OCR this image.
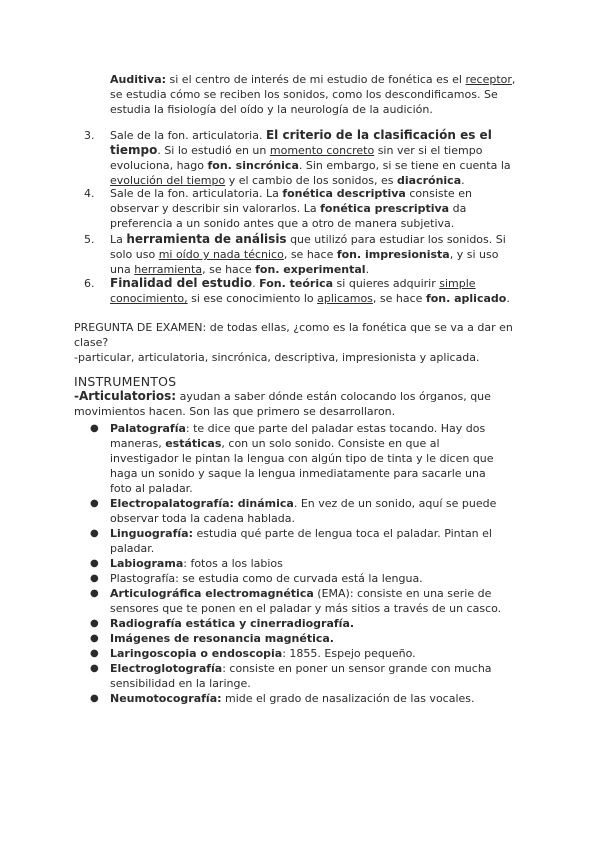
Auditiva: si el centro de interés de mi estudio de fonética es el receptor, se estudia cómo se reciben los sonidos, como los descondificamos. Se estudia la fisiología del oído y la neurología de la audición.

3. Sale de la fon. articulatoria. El criterio de la clasificación es el tiempo. Si lo estudió en un momento concreto sin ver si el tiempo evoluciona, hago fon. sincrónica. Sin embargo, si se tiene en cuenta la evolución del tiempo y el cambio de los sonidos, es diacrónica.

4. Sale de la fon. articulatoria. La fonética descriptiva consiste en observar y describir sin valorarlos. La fonética prescriptiva da preferencia a un sonido antes que a otro de manera subjetiva.

5. La herramienta de análisis que utilizó para estudiar los sonidos. Si solo uso mi oído y nada técnico, se hace fon. impresionista, y si uso una herramienta, se hace fon. experimental.

6. Finalidad del estudio. Fon. teórica si quieres adquirir simple conocimiento, si ese conocimiento lo aplicamos, se hace fon. aplicado.

PREGUNTA DE EXAMEN: de todas ellas, ¿como es la fonética que se va a dar en clase?

-particular, articulatoria, sincrónica, descriptiva, impresionista y aplicada.

INSTRUMENTOS

-Articulatorios: ayudan a saber dónde están colocando los órganos, que movimientos hacen. Son las que primero se desarrollaron.

● Palatografía: te dice que parte del paladar estas tocando. Hay dos maneras, estáticas, con un solo sonido. Consiste en que al investigador le pintan la lengua con algún tipo de tinta y le dicen que haga un sonido y saque la lengua inmediatamente para sacarle una foto al paladar.
● Electropalatografía: dinámica. En vez de un sonido, aquí se puede observar toda la cadena hablada.
● Linguografía: estudia qué parte de lengua toca el paladar. Pintan el paladar.
● Labiograma: fotos a los labios
● Plastografía: se estudia como de curvada está la lengua.
● Articulográfica electromagnética (EMA): consiste en una serie de sensores que te ponen en el paladar y más sitios a través de un casco.
● Radiografía estática y cinerradiografía.
● Imágenes de resonancia magnética.
● Laringoscopia o endoscopia: 1855. Espejo pequeño.
● Electroglotografía: consiste en poner un sensor grande con mucha sensibilidad en la laringe.
● Neumotocografía: mide el grado de nasalización de las vocales.
